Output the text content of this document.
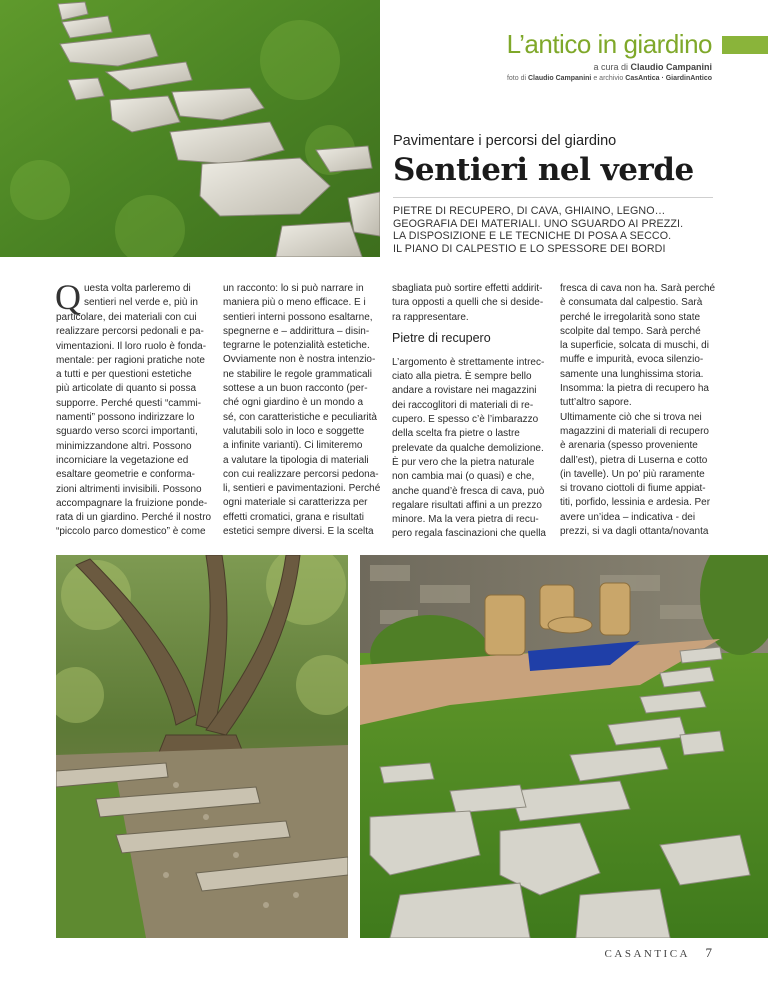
L’antico in giardino
a cura di Claudio Campanini
foto di Claudio Campanini e archivio CasAntica · GiardinAntico

Pavimentare i percorsi del giardino

Sentieri nel verde
PIETRE DI RECUPERO, DI CAVA, GHIAINO, LEGNO…
GEOGRAFIA DEI MATERIALI. UNO SGUARDO AI PREZZI.
LA DISPOSIZIONE E LE TECNICHE DI POSA A SECCO.
IL PIANO DI CALPESTIO E LO SPESSORE DEI BORDI
Q uesta volta parleremo di
sentieri nel verde e, più in
particolare, dei materiali con cui
realizzare percorsi pedonali e pa-
vimentazioni. Il loro ruolo è fonda-
mentale: per ragioni pratiche note
a tutti e per questioni estetiche
più articolate di quanto si possa
supporre. Perché questi “cammi-
namenti” possono indirizzare lo
sguardo verso scorci importanti,
minimizzandone altri. Possono
incorniciare la vegetazione ed
esaltare geometrie e conforma-
zioni altrimenti invisibili. Possono
accompagnare la fruizione ponde-
rata di un giardino. Perché il nostro
“piccolo parco domestico” è come
un racconto: lo si può narrare in
maniera più o meno efficace. E i
sentieri interni possono esaltarne,
spegnerne e – addirittura – disin-
tegrarne le potenzialità estetiche.
Ovviamente non è nostra intenzio-
ne stabilire le regole grammaticali
sottese a un buon racconto (per-
ché ogni giardino è un mondo a
sé, con caratteristiche e peculiarità
valutabili solo in loco e soggette
a infinite varianti). Ci limiteremo
a valutare la tipologia di materiali
con cui realizzare percorsi pedona-
li, sentieri e pavimentazioni. Perché
ogni materiale si caratterizza per
effetti cromatici, grana e risultati
estetici sempre diversi. E la scelta
sbagliata può sortire effetti addirit-
tura opposti a quelli che si deside-
ra rappresentare.
Pietre di recupero
L’argomento è strettamente intrec-
ciato alla pietra. È sempre bello
andare a rovistare nei magazzini
dei raccoglitori di materiali di re-
cupero. E spesso c’è l’imbarazzo
della scelta fra pietre o lastre
prelevate da qualche demolizione.
È pur vero che la pietra naturale
non cambia mai (o quasi) e che,
anche quand’è fresca di cava, può
regalare risultati affini a un prezzo
minore. Ma la vera pietra di recu-
pero regala fascinazioni che quella
fresca di cava non ha. Sarà perché
è consumata dal calpestio. Sarà
perché le irregolarità sono state
scolpite dal tempo. Sarà perché
la superficie, solcata di muschi, di
muffe e impurità, evoca silenzio-
samente una lunghissima storia.
Insomma: la pietra di recupero ha
tutt’altro sapore.
Ultimamente ciò che si trova nei
magazzini di materiali di recupero
è arenaria (spesso proveniente
dall’est), pietra di Luserna e cotto
(in tavelle). Un po’ più raramente
si trovano ciottoli di fiume appiat-
titi, porfido, lessinia e ardesia. Per
avere un’idea – indicativa - dei
prezzi, si va dagli ottanta/novanta
CASANTICA 7
